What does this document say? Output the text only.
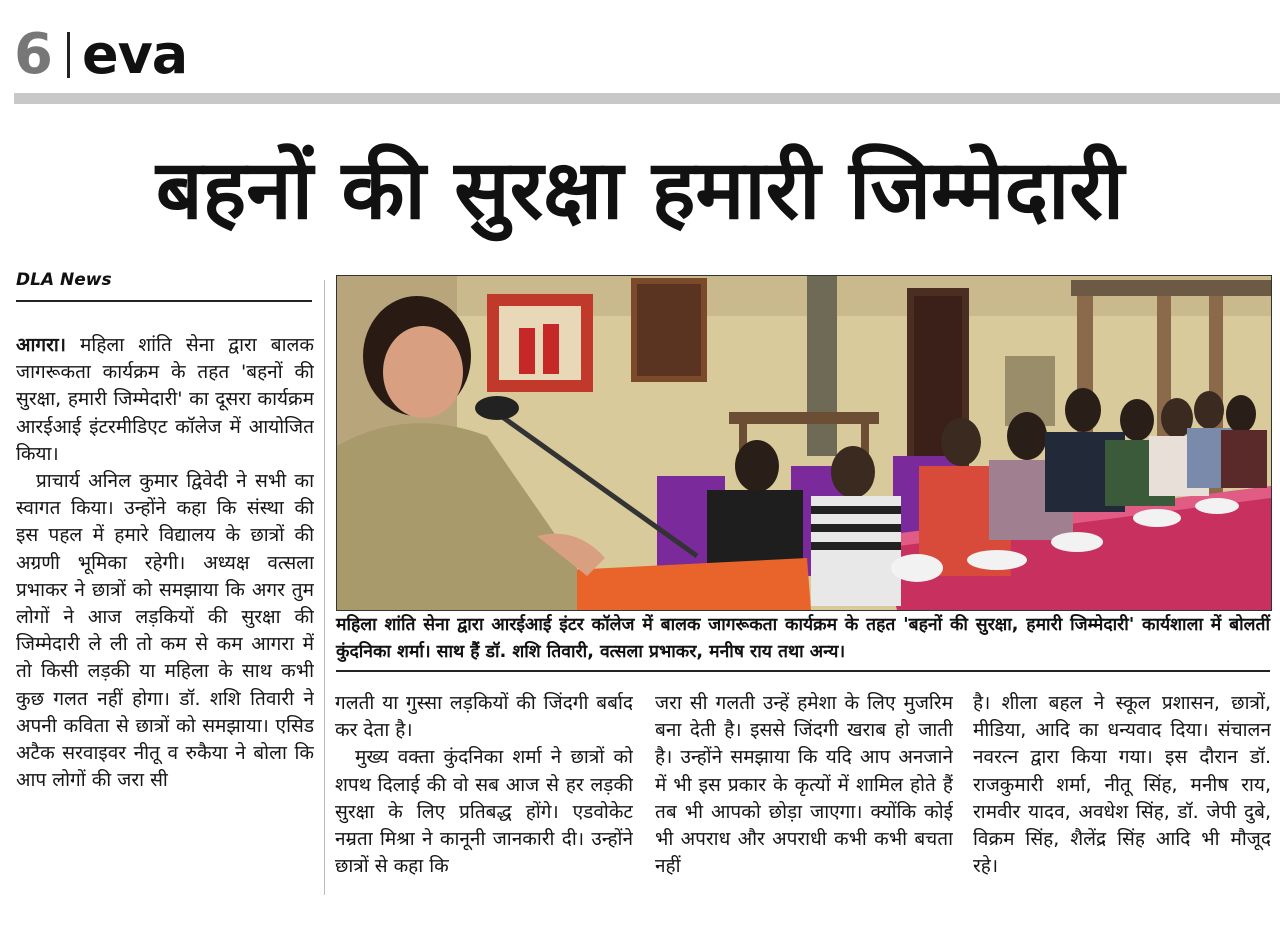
6 eva
बहनों की सुरक्षा हमारी जिम्मेदारी
DLA News

आगरा। महिला शांति सेना द्वारा बालक जागरूकता कार्यक्रम के तहत 'बहनों की सुरक्षा, हमारी जिम्मेदारी' का दूसरा कार्यक्रम आरईआई इंटरमीडिएट कॉलेज में आयोजित किया।

प्राचार्य अनिल कुमार द्विवेदी ने सभी का स्वागत किया। उन्होंने कहा कि संस्था की इस पहल में हमारे विद्यालय के छात्रों की अग्रणी भूमिका रहेगी। अध्यक्ष वत्सला प्रभाकर ने छात्रों को समझाया कि अगर तुम लोगों ने आज लड़कियों की सुरक्षा की जिम्मेदारी ले ली तो कम से कम आगरा में तो किसी लड़की या महिला के साथ कभी कुछ गलत नहीं होगा। डॉ. शशि तिवारी ने अपनी कविता से छात्रों को समझाया। एसिड अटैक सरवाइवर नीतू व रुकैया ने बोला कि आप लोगों की जरा सी

महिला शांति सेना द्वारा आरईआई इंटर कॉलेज में बालक जागरूकता कार्यक्रम के तहत 'बहनों की सुरक्षा, हमारी जिम्मेदारी' कार्यशाला में बोलतीं कुंदनिका शर्मा। साथ हैं डॉ. शशि तिवारी, वत्सला प्रभाकर, मनीष राय तथा अन्य।

गलती या गुस्सा लड़कियों की जिंदगी बर्बाद कर देता है।

मुख्य वक्ता कुंदनिका शर्मा ने छात्रों को शपथ दिलाई की वो सब आज से हर लड़की सुरक्षा के लिए प्रतिबद्ध होंगे। एडवोकेट नम्रता मिश्रा ने कानूनी जानकारी दी। उन्होंने छात्रों से कहा कि

जरा सी गलती उन्हें हमेशा के लिए मुजरिम बना देती है। इससे जिंदगी खराब हो जाती है। उन्होंने समझाया कि यदि आप अनजाने में भी इस प्रकार के कृत्यों में शामिल होते हैं तब भी आपको छोड़ा जाएगा। क्योंकि कोई भी अपराध और अपराधी कभी कभी बचता नहीं

है। शीला बहल ने स्कूल प्रशासन, छात्रों, मीडिया, आदि का धन्यवाद दिया। संचालन नवरत्न द्वारा किया गया। इस दौरान डॉ. राजकुमारी शर्मा, नीतू सिंह, मनीष राय, रामवीर यादव, अवधेश सिंह, डॉ. जेपी दुबे, विक्रम सिंह, शैलेंद्र सिंह आदि भी मौजूद रहे।
